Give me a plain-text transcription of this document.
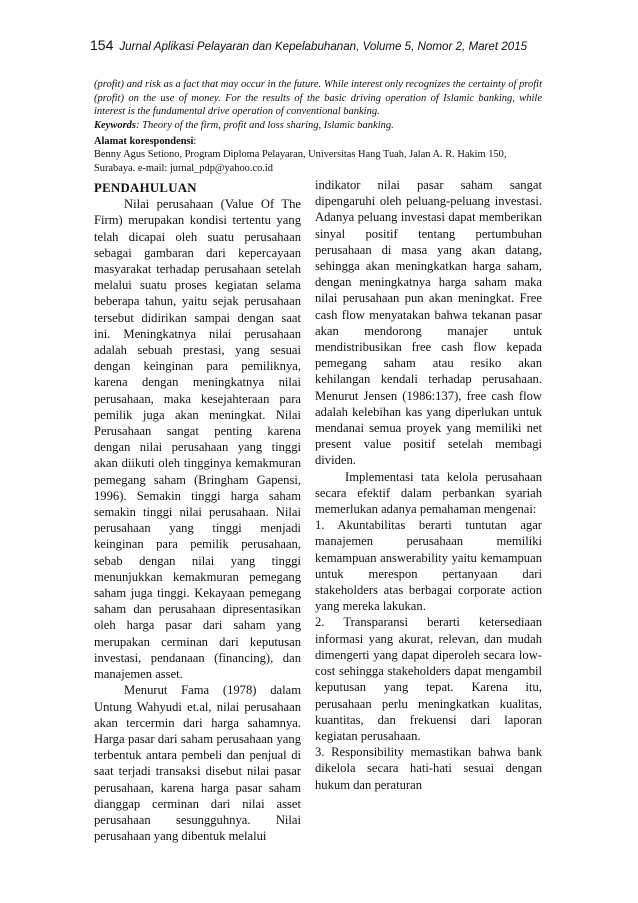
154 Jurnal Aplikasi Pelayaran dan Kepelabuhanan, Volume 5, Nomor 2, Maret 2015

(profit) and risk as a fact that may occur in the future. While interest only recognizes the certainty of profit (profit) on the use of money. For the results of the basic driving operation of Islamic banking, while interest is the fundamental drive operation of conventional banking.

Keywords: Theory of the firm, profit and loss sharing, Islamic banking.

Alamat korespondensi:
Benny Agus Setiono, Program Diploma Pelayaran, Universitas Hang Tuah, Jalan A. R. Hakim 150, Surabaya. e-mail: jurnal_pdp@yahoo.co.id

PENDAHULUAN

Nilai perusahaan (Value Of The Firm) merupakan kondisi tertentu yang telah dicapai oleh suatu perusahaan sebagai gambaran dari kepercayaan masyarakat terhadap perusahaan setelah melalui suatu proses kegiatan selama beberapa tahun, yaitu sejak perusahaan tersebut didirikan sampai dengan saat ini. Meningkatnya nilai perusahaan adalah sebuah prestasi, yang sesuai dengan keinginan para pemiliknya, karena dengan meningkatnya nilai perusahaan, maka kesejahteraan para pemilik juga akan meningkat. Nilai Perusahaan sangat penting karena dengan nilai perusahaan yang tinggi akan diikuti oleh tingginya kemakmuran pemegang saham (Bringham Gapensi, 1996). Semakin tinggi harga saham semakin tinggi nilai perusahaan. Nilai perusahaan yang tinggi menjadi keinginan para pemilik perusahaan, sebab dengan nilai yang tinggi menunjukkan kemakmuran pemegang saham juga tinggi. Kekayaan pemegang saham dan perusahaan dipresentasikan oleh harga pasar dari saham yang merupakan cerminan dari keputusan investasi, pendanaan (financing), dan manajemen asset.

Menurut Fama (1978) dalam Untung Wahyudi et.al, nilai perusahaan akan tercermin dari harga sahamnya. Harga pasar dari saham perusahaan yang terbentuk antara pembeli dan penjual di saat terjadi transaksi disebut nilai pasar perusahaan, karena harga pasar saham dianggap cerminan dari nilai asset perusahaan sesungguhnya. Nilai perusahaan yang dibentuk melalui

indikator nilai pasar saham sangat dipengaruhi oleh peluang-peluang investasi. Adanya peluang investasi dapat memberikan sinyal positif tentang pertumbuhan perusahaan di masa yang akan datang, sehingga akan meningkatkan harga saham, dengan meningkatnya harga saham maka nilai perusahaan pun akan meningkat. Free cash flow menyatakan bahwa tekanan pasar akan mendorong manajer untuk mendistribusikan free cash flow kepada pemegang saham atau resiko akan kehilangan kendali terhadap perusahaan. Menurut Jensen (1986:137), free cash flow adalah kelebihan kas yang diperlukan untuk mendanai semua proyek yang memiliki net present value positif setelah membagi dividen.

Implementasi tata kelola perusahaan secara efektif dalam perbankan syariah memerlukan adanya pemahaman mengenai:

1. Akuntabilitas berarti tuntutan agar manajemen perusahaan memiliki kemampuan answerability yaitu kemampuan untuk merespon pertanyaan dari stakeholders atas berbagai corporate action yang mereka lakukan.

2. Transparansi berarti ketersediaan informasi yang akurat, relevan, dan mudah dimengerti yang dapat diperoleh secara low-cost sehingga stakeholders dapat mengambil keputusan yang tepat. Karena itu, perusahaan perlu meningkatkan kualitas, kuantitas, dan frekuensi dari laporan kegiatan perusahaan.

3. Responsibility memastikan bahwa bank dikelola secara hati-hati sesuai dengan hukum dan peraturan
